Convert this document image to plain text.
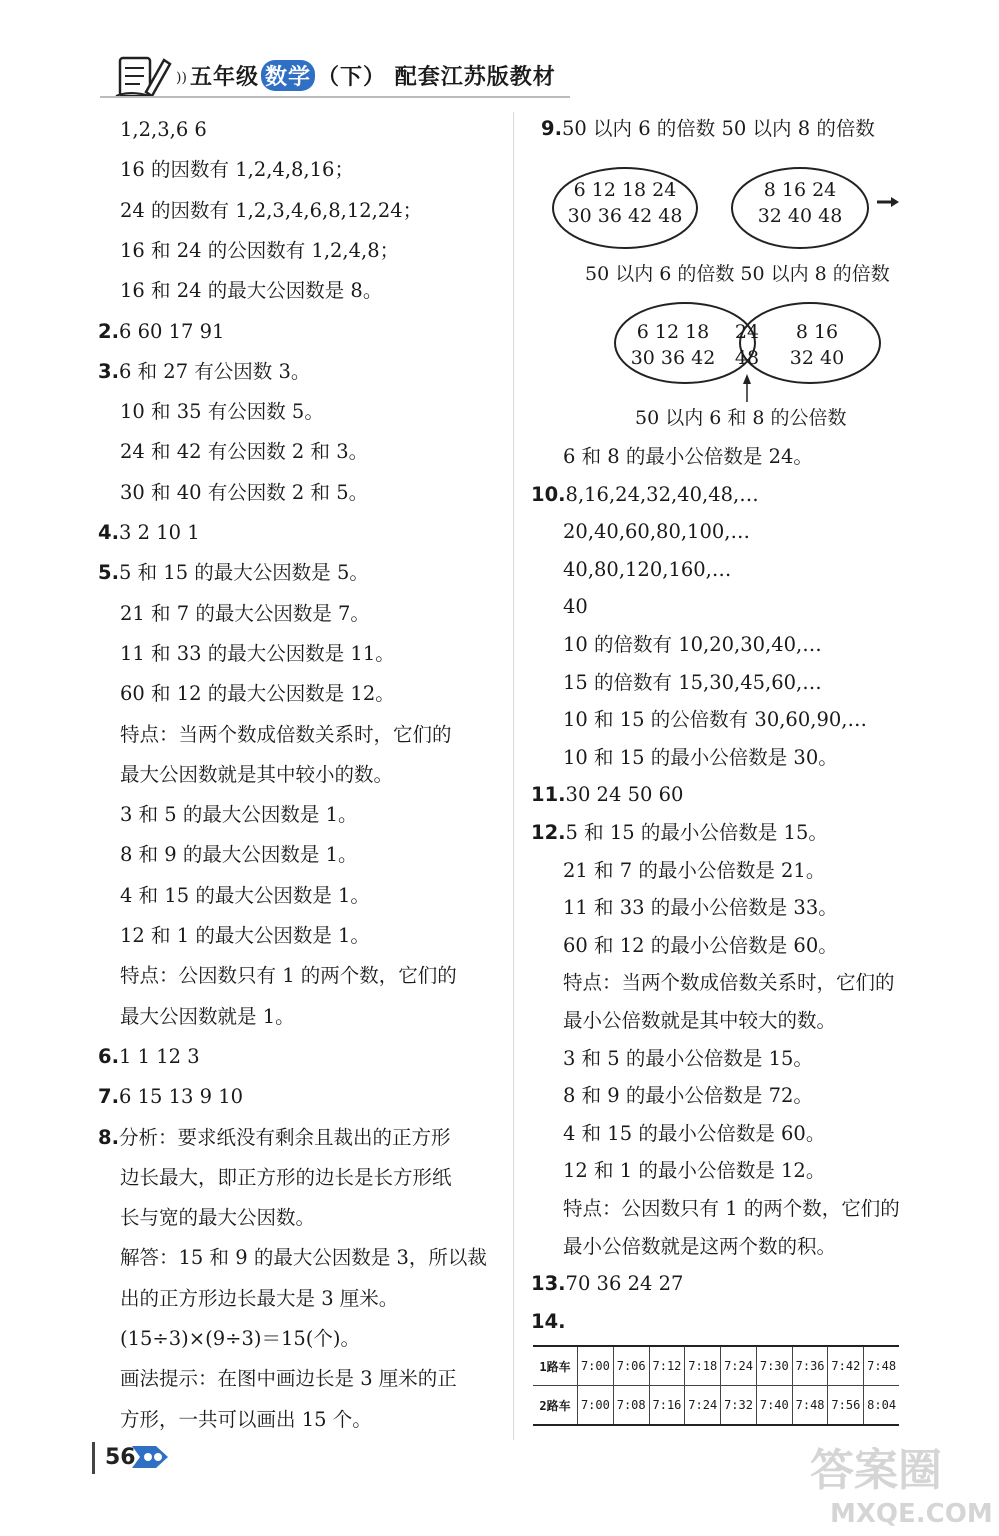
)) 五年级 数学 （下） 配套江苏版教材
1,2,3,6 6
16 的因数有 1,2,4,8,16；
24 的因数有 1,2,3,4,6,8,12,24；
16 和 24 的公因数有 1,2,4,8；
16 和 24 的最大公因数是 8。
2.6 60 17 91
3.6 和 27 有公因数 3。
10 和 35 有公因数 5。
24 和 42 有公因数 2 和 3。
30 和 40 有公因数 2 和 5。
4.3 2 10 1
5.5 和 15 的最大公因数是 5。
21 和 7 的最大公因数是 7。
11 和 33 的最大公因数是 11。
60 和 12 的最大公因数是 12。
特点：当两个数成倍数关系时，它们的
最大公因数就是其中较小的数。
3 和 5 的最大公因数是 1。
8 和 9 的最大公因数是 1。
4 和 15 的最大公因数是 1。
12 和 1 的最大公因数是 1。
特点：公因数只有 1 的两个数，它们的
最大公因数就是 1。
6.1 1 12 3
7.6 15 13 9 10
8.分析：要求纸没有剩余且裁出的正方形
边长最大，即正方形的边长是长方形纸
长与宽的最大公因数。
解答：15 和 9 的最大公因数是 3，所以裁
出的正方形边长最大是 3 厘米。
(15÷3)×(9÷3)＝15(个)。
画法提示：在图中画边长是 3 厘米的正
方形，一共可以画出 15 个。
9.50 以内 6 的倍数 50 以内 8 的倍数
6 12 18 24
30 36 42 48
8 16 24
32 40 48
50 以内 6 的倍数 50 以内 8 的倍数
6 12 18
30 36 42
24
48
8 16
32 40
50 以内 6 和 8 的公倍数
6 和 8 的最小公倍数是 24。
10.8,16,24,32,40,48,…
20,40,60,80,100,…
40,80,120,160,…
40
10 的倍数有 10,20,30,40,…
15 的倍数有 15,30,45,60,…
10 和 15 的公倍数有 30,60,90,…
10 和 15 的最小公倍数是 30。
11.30 24 50 60
12.5 和 15 的最小公倍数是 15。
21 和 7 的最小公倍数是 21。
11 和 33 的最小公倍数是 33。
60 和 12 的最小公倍数是 60。
特点：当两个数成倍数关系时，它们的
最小公倍数就是其中较大的数。
3 和 5 的最小公倍数是 15。
8 和 9 的最小公倍数是 72。
4 和 15 的最小公倍数是 60。
12 和 1 的最小公倍数是 12。
特点：公因数只有 1 的两个数，它们的
最小公倍数就是这两个数的积。
13.70 36 24 27
14.
1路车	7:00	7:06	7:12	7:18	7:24	7:30	7:36	7:42	7:48
2路车	7:00	7:08	7:16	7:24	7:32	7:40	7:48	7:56	8:04
56	答案圈
MXQE.COM
